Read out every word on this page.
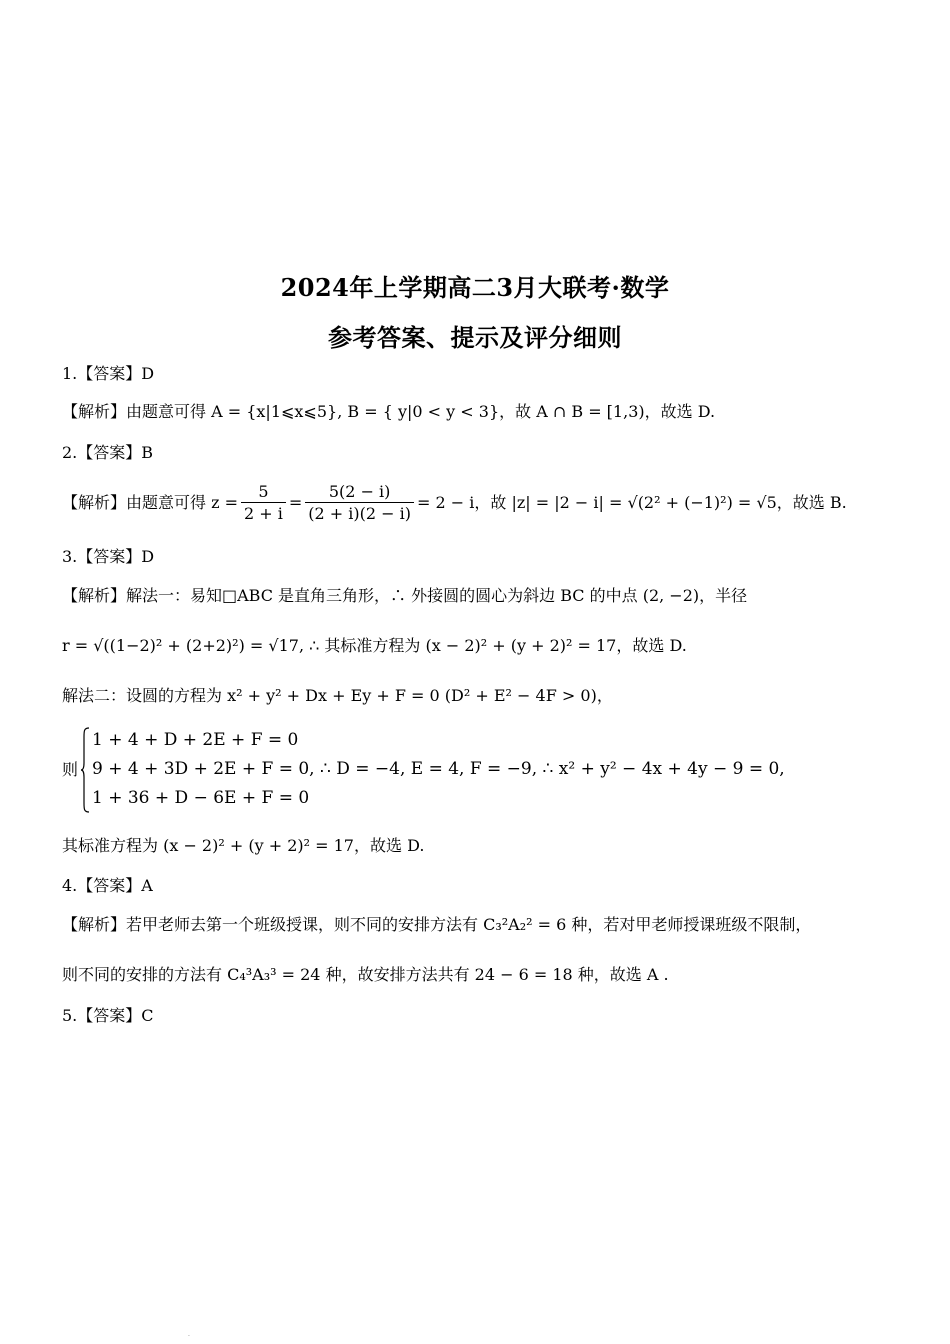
2024年上学期高二3月大联考·数学
参考答案、提示及评分细则
1.【答案】D
【解析】由题意可得 A = {x|1⩽x⩽5}, B = { y|0 < y < 3}，故 A ∩ B = [1,3)，故选 D.
2.【答案】B
【解析】由题意可得 $z = \frac{5}{2 + i} = \frac{5(2 - i)}{(2 + i)(2 - i)} = 2 - i$，故 |z| = |2 − i| = √(2² + (−1)²) = √5，故选 B.
3.【答案】D
【解析】解法一：易知□ABC 是直角三角形，∴ 外接圆的圆心为斜边 BC 的中点 (2, −2)，半径
r = √((1−2)² + (2+2)²) = √17, ∴ 其标准方程为 (x − 2)² + (y + 2)² = 17，故选 D.
解法二：设圆的方程为 x² + y² + Dx + Ey + F = 0 (D² + E² − 4F > 0)，
则
1 + 4 + D + 2E + F = 0
9 + 4 + 3D + 2E + F = 0, ∴ D = −4, E = 4, F = −9, ∴ x² + y² − 4x + 4y − 9 = 0,
1 + 36 + D − 6E + F = 0
其标准方程为 (x − 2)² + (y + 2)² = 17，故选 D.
4.【答案】A
【解析】若甲老师去第一个班级授课，则不同的安排方法有 C₃²A₂² = 6 种，若对甲老师授课班级不限制，
则不同的安排的方法有 C₄³A₃³ = 24 种，故安排方法共有 24 − 6 = 18 种，故选 A .
5.【答案】C
.
